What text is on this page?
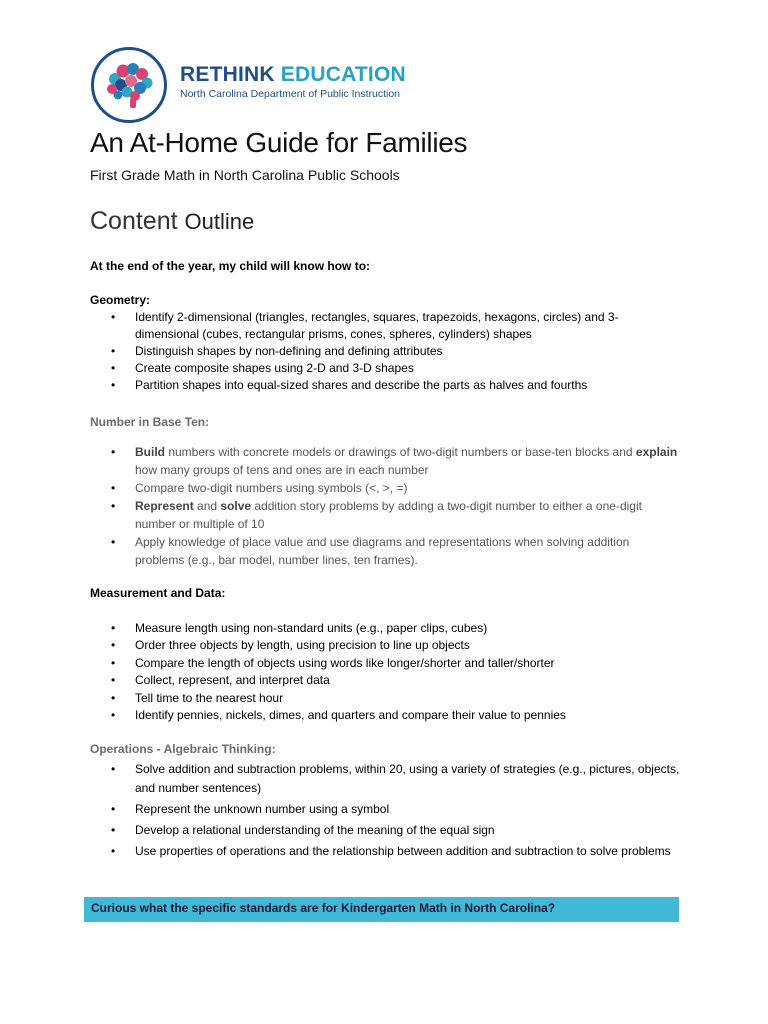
RETHINK EDUCATION
North Carolina Department of Public Instruction
An At-Home Guide for Families
First Grade Math in North Carolina Public Schools
Content Outline
At the end of the year, my child will know how to:
Geometry:
• Identify 2-dimensional (triangles, rectangles, squares, trapezoids, hexagons, circles) and 3-dimensional (cubes, rectangular prisms, cones, spheres, cylinders) shapes
• Distinguish shapes by non-defining and defining attributes
• Create composite shapes using 2-D and 3-D shapes
• Partition shapes into equal-sized shares and describe the parts as halves and fourths
Number in Base Ten:
• Build numbers with concrete models or drawings of two-digit numbers or base-ten blocks and explain how many groups of tens and ones are in each number
• Compare two-digit numbers using symbols (<, >, =)
• Represent and solve addition story problems by adding a two-digit number to either a one-digit number or multiple of 10
• Apply knowledge of place value and use diagrams and representations when solving addition problems (e.g., bar model, number lines, ten frames).
Measurement and Data:
• Measure length using non-standard units (e.g., paper clips, cubes)
• Order three objects by length, using precision to line up objects
• Compare the length of objects using words like longer/shorter and taller/shorter
• Collect, represent, and interpret data
• Tell time to the nearest hour
• Identify pennies, nickels, dimes, and quarters and compare their value to pennies
Operations - Algebraic Thinking:
• Solve addition and subtraction problems, within 20, using a variety of strategies (e.g., pictures, objects, and number sentences)
• Represent the unknown number using a symbol
• Develop a relational understanding of the meaning of the equal sign
• Use properties of operations and the relationship between addition and subtraction to solve problems
Curious what the specific standards are for Kindergarten Math in North Carolina?
